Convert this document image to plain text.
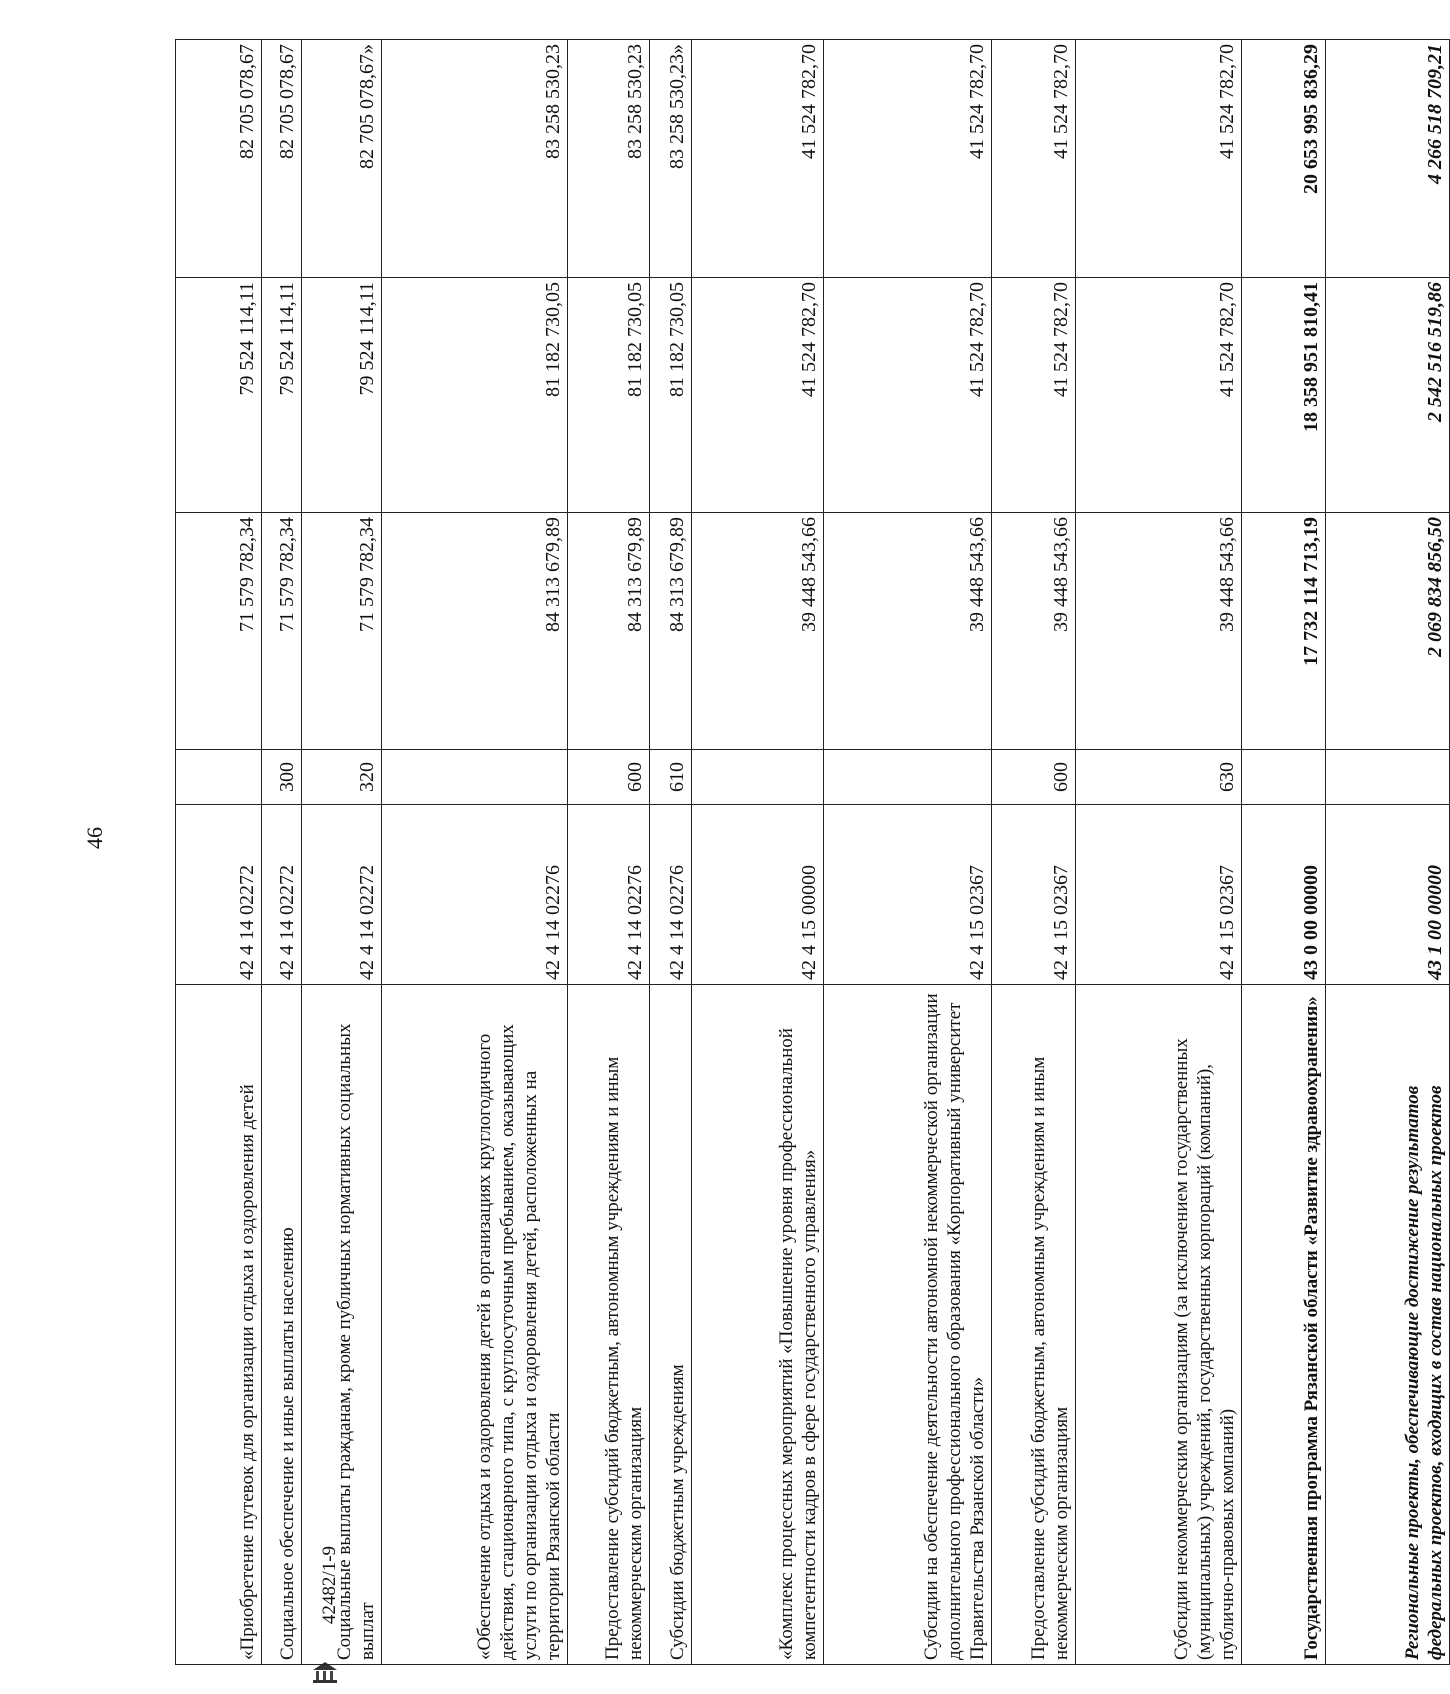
46
42482/1-9
«Приобретение путевок для организации отдыха и оздоровления детей	42 4 14 02272		71 579 782,34	79 524 114,11	82 705 078,67
Социальное обеспечение и иные выплаты населению	42 4 14 02272	300	71 579 782,34	79 524 114,11	82 705 078,67
Социальные выплаты гражданам, кроме публичных нормативных социальных выплат	42 4 14 02272	320	71 579 782,34	79 524 114,11	82 705 078,67»
«Обеспечение отдыха и оздоровления детей в организациях круглогодичного действия, стационарного типа, с круглосуточным пребыванием, оказывающих услуги по организации отдыха и оздоровления детей, расположенных на территории Рязанской области	42 4 14 02276		84 313 679,89	81 182 730,05	83 258 530,23
Предоставление субсидий бюджетным, автономным учреждениям и иным некоммерческим организациям	42 4 14 02276	600	84 313 679,89	81 182 730,05	83 258 530,23
Субсидии бюджетным учреждениям	42 4 14 02276	610	84 313 679,89	81 182 730,05	83 258 530,23»
«Комплекс процессных мероприятий «Повышение уровня профессиональной компетентности кадров в сфере государственного управления»	42 4 15 00000		39 448 543,66	41 524 782,70	41 524 782,70
Субсидии на обеспечение деятельности автономной некоммерческой организации дополнительного профессионального образования «Корпоративный университет Правительства Рязанской области»	42 4 15 02367		39 448 543,66	41 524 782,70	41 524 782,70
Предоставление субсидий бюджетным, автономным учреждениям и иным некоммерческим организациям	42 4 15 02367	600	39 448 543,66	41 524 782,70	41 524 782,70
Субсидии некоммерческим организациям (за исключением государственных (муниципальных) учреждений, государственных корпораций (компаний), публично-правовых компаний)	42 4 15 02367	630	39 448 543,66	41 524 782,70	41 524 782,70
Государственная программа Рязанской области «Развитие здравоохранения»	43 0 00 00000		17 732 114 713,19	18 358 951 810,41	20 653 995 836,29
Региональные проекты, обеспечивающие достижение результатов федеральных проектов, входящих в состав национальных проектов	43 1 00 00000		2 069 834 856,50	2 542 516 519,86	4 266 518 709,21
